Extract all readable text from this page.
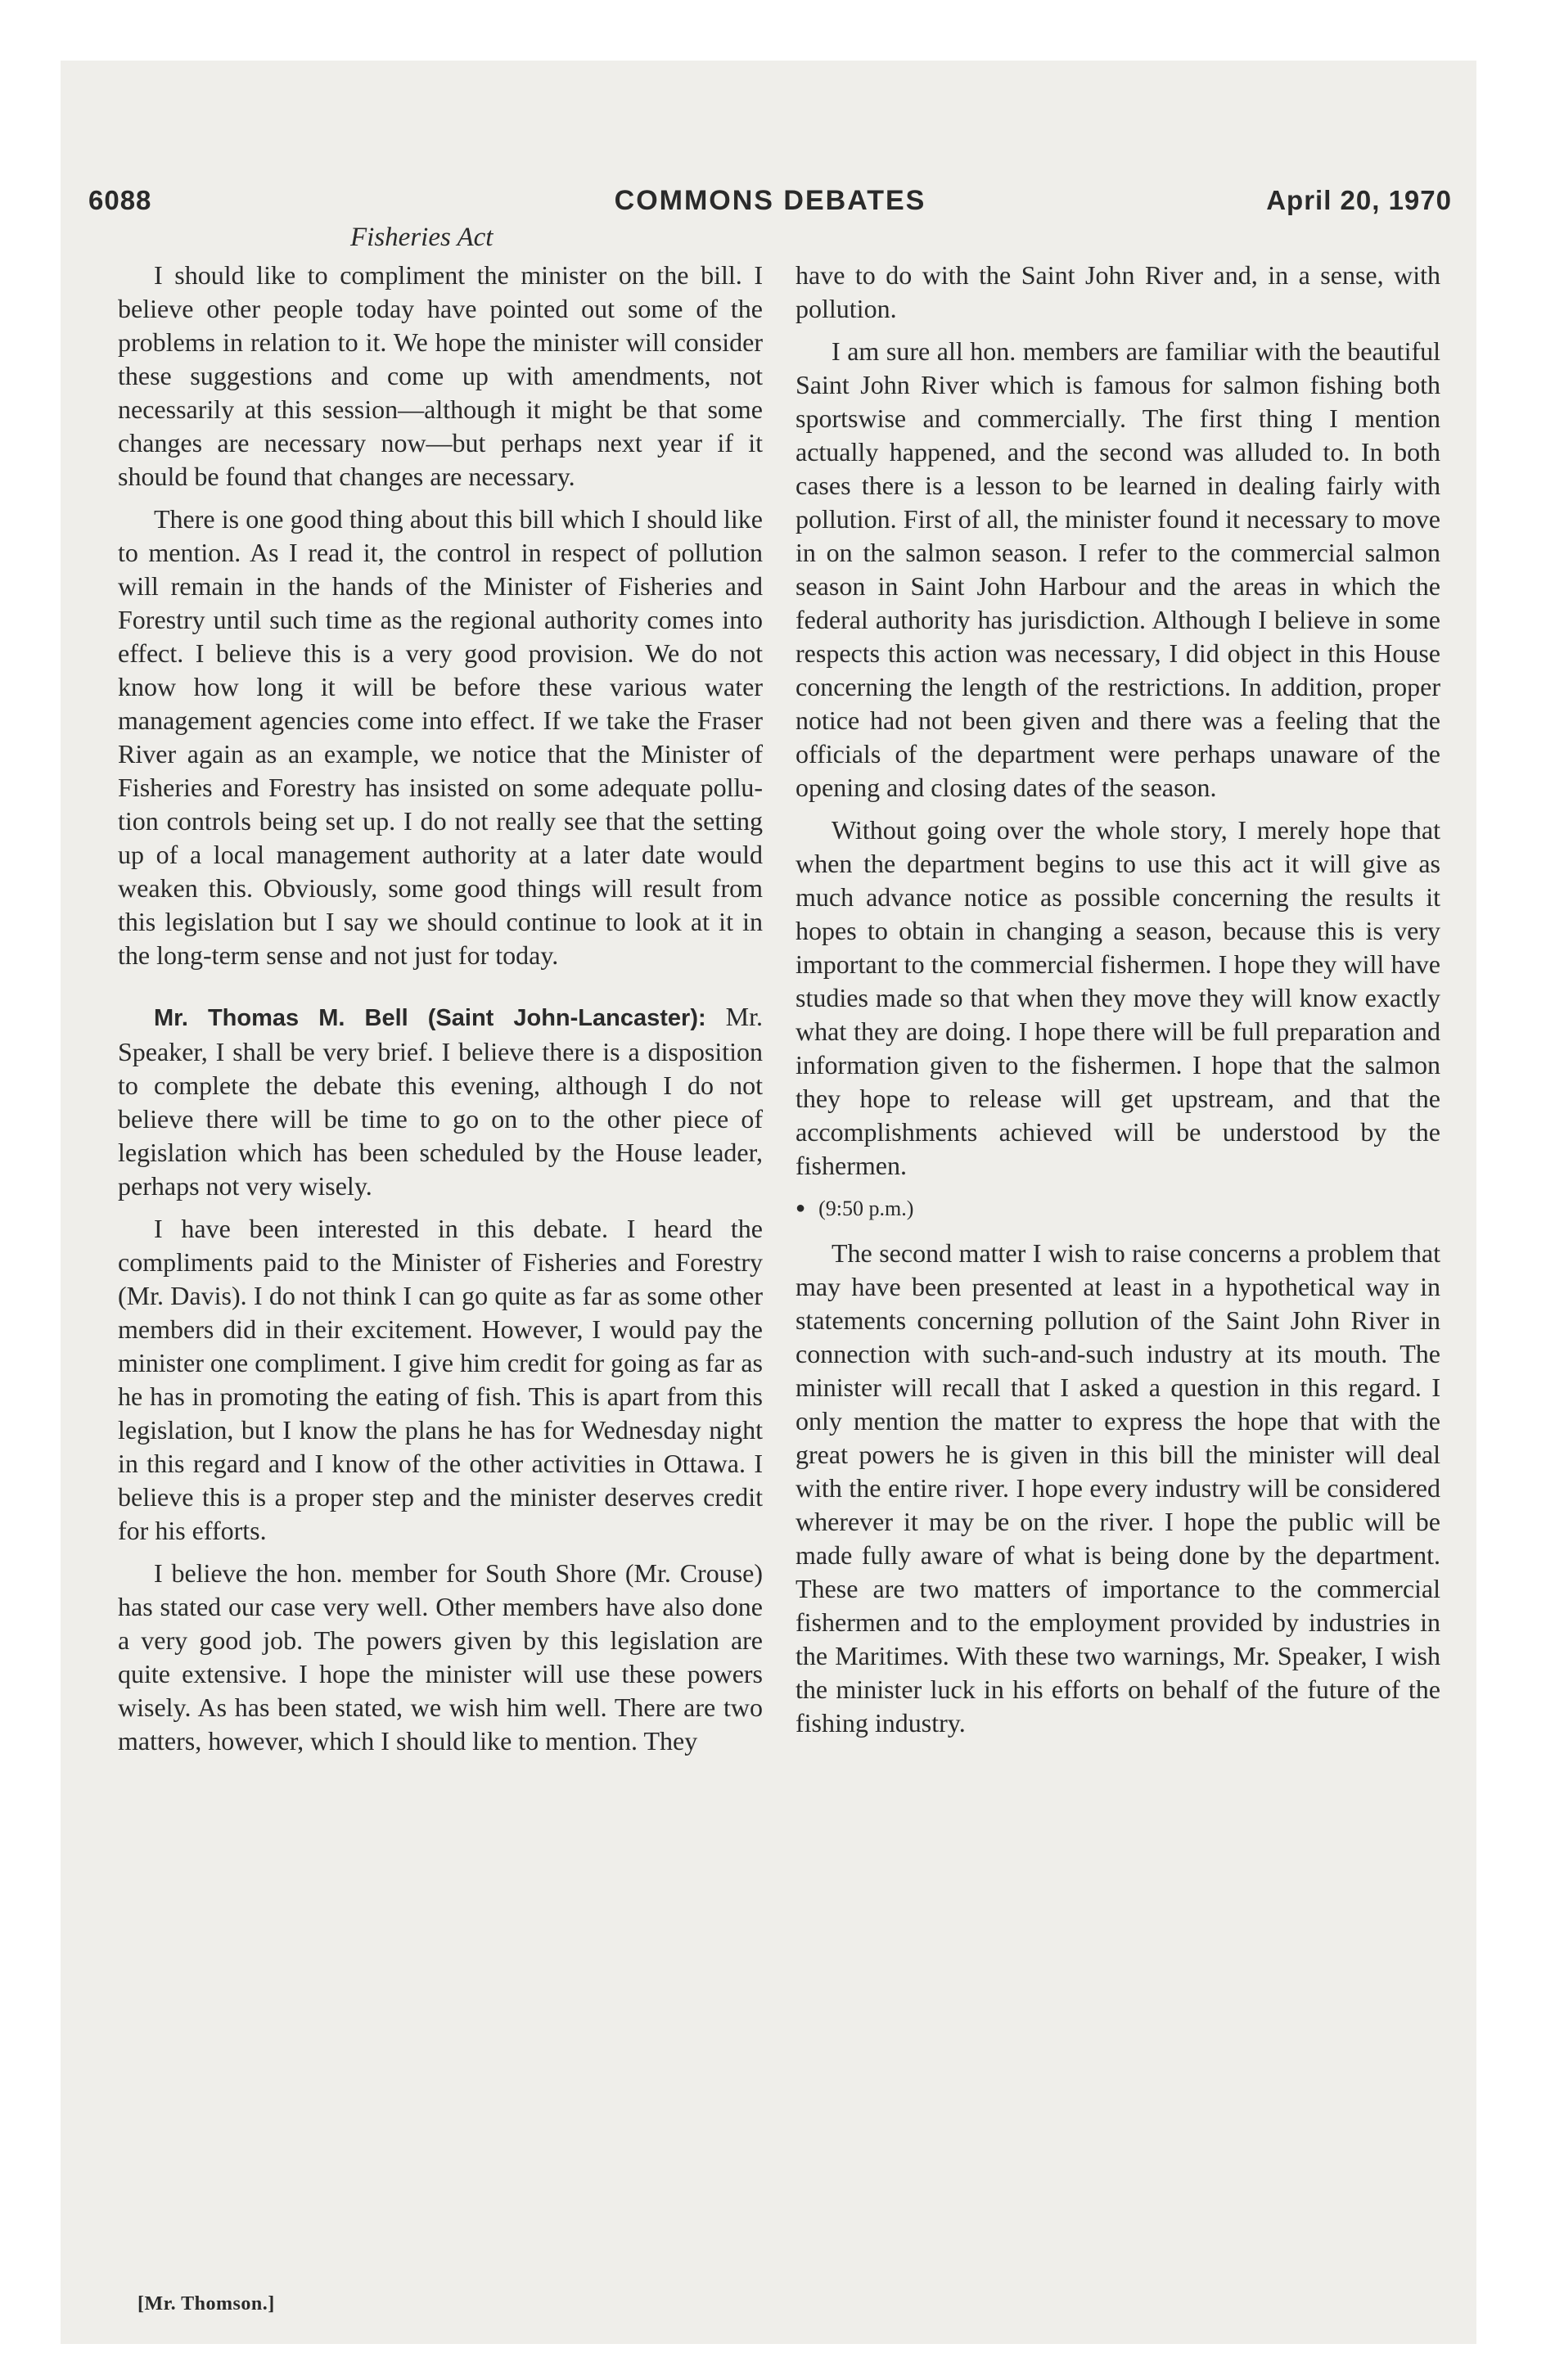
6088	COMMONS DEBATES	April 20, 1970
Fisheries Act

I should like to compliment the minister on the bill. I believe other people today have pointed out some of the problems in relation to it. We hope the minister will consider these suggestions and come up with amendments, not necessarily at this session—although it might be that some changes are necessary now—but perhaps next year if it should be found that changes are necessary.

There is one good thing about this bill which I should like to mention. As I read it, the control in respect of pollution will remain in the hands of the Minister of Fisheries and Forestry until such time as the regional authority comes into effect. I believe this is a very good provision. We do not know how long it will be before these various water management agencies come into effect. If we take the Fraser River again as an example, we notice that the Minister of Fisheries and Forestry has insisted on some adequate pollution controls being set up. I do not really see that the setting up of a local management authority at a later date would weaken this. Obviously, some good things will result from this legislation but I say we should continue to look at it in the long-term sense and not just for today.

Mr. Thomas M. Bell (Saint John-Lancaster): Mr. Speaker, I shall be very brief. I believe there is a disposition to complete the debate this evening, although I do not believe there will be time to go on to the other piece of legislation which has been scheduled by the House leader, perhaps not very wisely.

I have been interested in this debate. I heard the compliments paid to the Minister of Fisheries and Forestry (Mr. Davis). I do not think I can go quite as far as some other members did in their excitement. However, I would pay the minister one compliment. I give him credit for going as far as he has in promoting the eating of fish. This is apart from this legislation, but I know the plans he has for Wednesday night in this regard and I know of the other activities in Ottawa. I believe this is a proper step and the minister deserves credit for his efforts.

I believe the hon. member for South Shore (Mr. Crouse) has stated our case very well. Other members have also done a very good job. The powers given by this legislation are quite extensive. I hope the minister will use these powers wisely. As has been stated, we wish him well. There are two matters, however, which I should like to mention. They

have to do with the Saint John River and, in a sense, with pollution.

I am sure all hon. members are familiar with the beautiful Saint John River which is famous for salmon fishing both sportswise and commercially. The first thing I mention actually happened, and the second was alluded to. In both cases there is a lesson to be learned in dealing fairly with pollution. First of all, the minister found it necessary to move in on the salmon season. I refer to the commercial salmon season in Saint John Harbour and the areas in which the federal authority has jurisdiction. Although I believe in some respects this action was necessary, I did object in this House concerning the length of the restrictions. In addition, proper notice had not been given and there was a feeling that the officials of the department were perhaps unaware of the opening and closing dates of the season.

Without going over the whole story, I merely hope that when the department begins to use this act it will give as much advance notice as possible concerning the results it hopes to obtain in changing a season, because this is very important to the commercial fishermen. I hope they will have studies made so that when they move they will know exactly what they are doing. I hope there will be full preparation and information given to the fishermen. I hope that the salmon they hope to release will get upstream, and that the accomplishments achieved will be understood by the fishermen.

● (9:50 p.m.)

The second matter I wish to raise concerns a problem that may have been presented at least in a hypothetical way in statements concerning pollution of the Saint John River in connection with such-and-such industry at its mouth. The minister will recall that I asked a question in this regard. I only mention the matter to express the hope that with the great powers he is given in this bill the minister will deal with the entire river. I hope every industry will be considered wherever it may be on the river. I hope the public will be made fully aware of what is being done by the department. These are two matters of importance to the commercial fishermen and to the employment provided by industries in the Maritimes. With these two warnings, Mr. Speaker, I wish the minister luck in his efforts on behalf of the future of the fishing industry.

[Mr. Thomson.]
